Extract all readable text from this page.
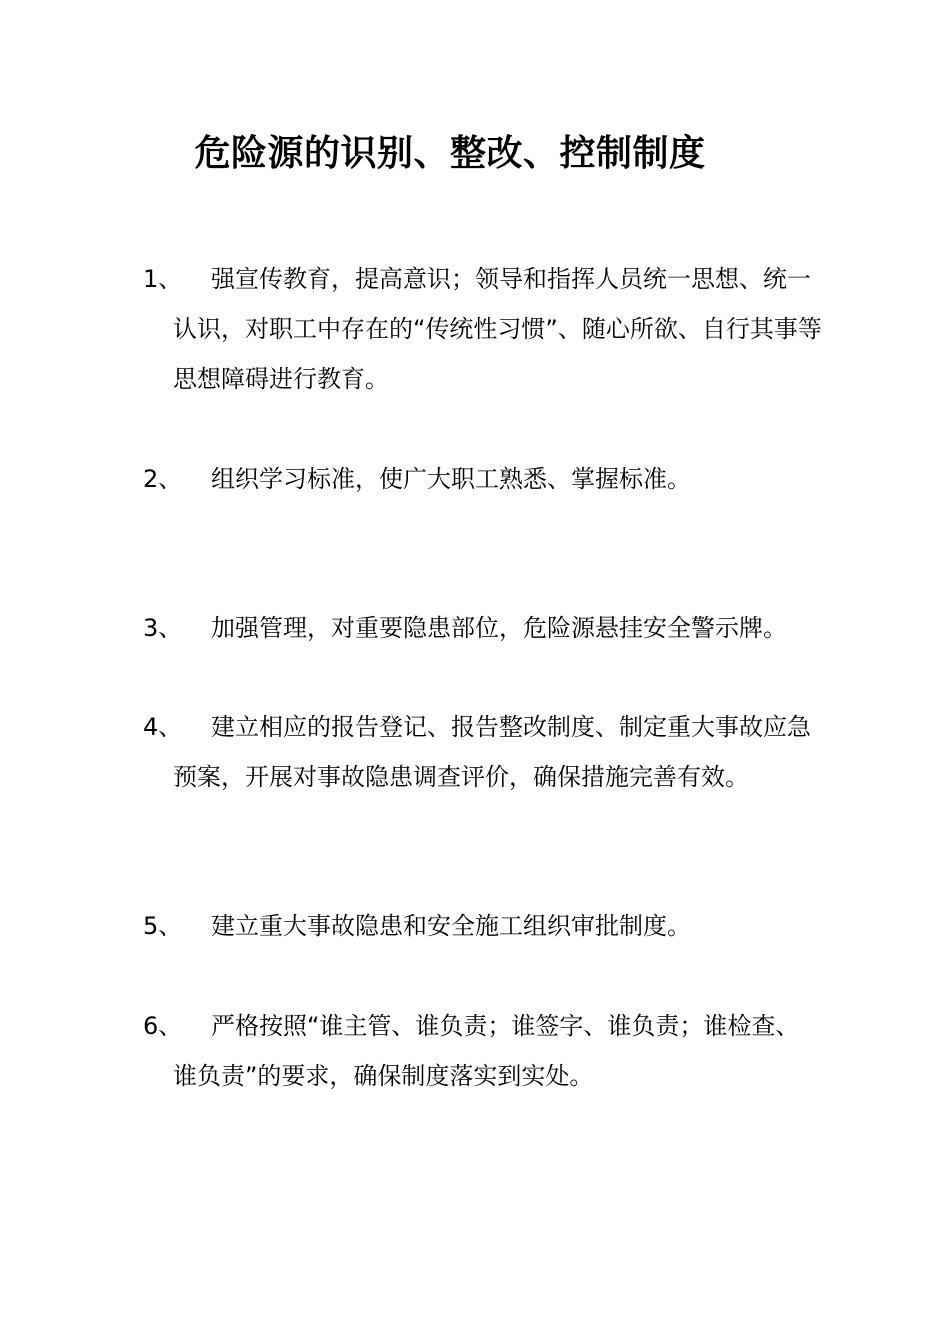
危险源的识别、整改、控制制度
1、	强宣传教育，提高意识；领导和指挥人员统一思想、统一认识，对职工中存在的“传统性习惯”、随心所欲、自行其事等思想障碍进行教育。
2、	组织学习标准，使广大职工熟悉、掌握标准。
3、	加强管理，对重要隐患部位，危险源悬挂安全警示牌。
4、	建立相应的报告登记、报告整改制度、制定重大事故应急预案，开展对事故隐患调查评价，确保措施完善有效。
5、	建立重大事故隐患和安全施工组织审批制度。
6、	严格按照“谁主管、谁负责；谁签字、谁负责；谁检查、谁负责”的要求，确保制度落实到实处。
